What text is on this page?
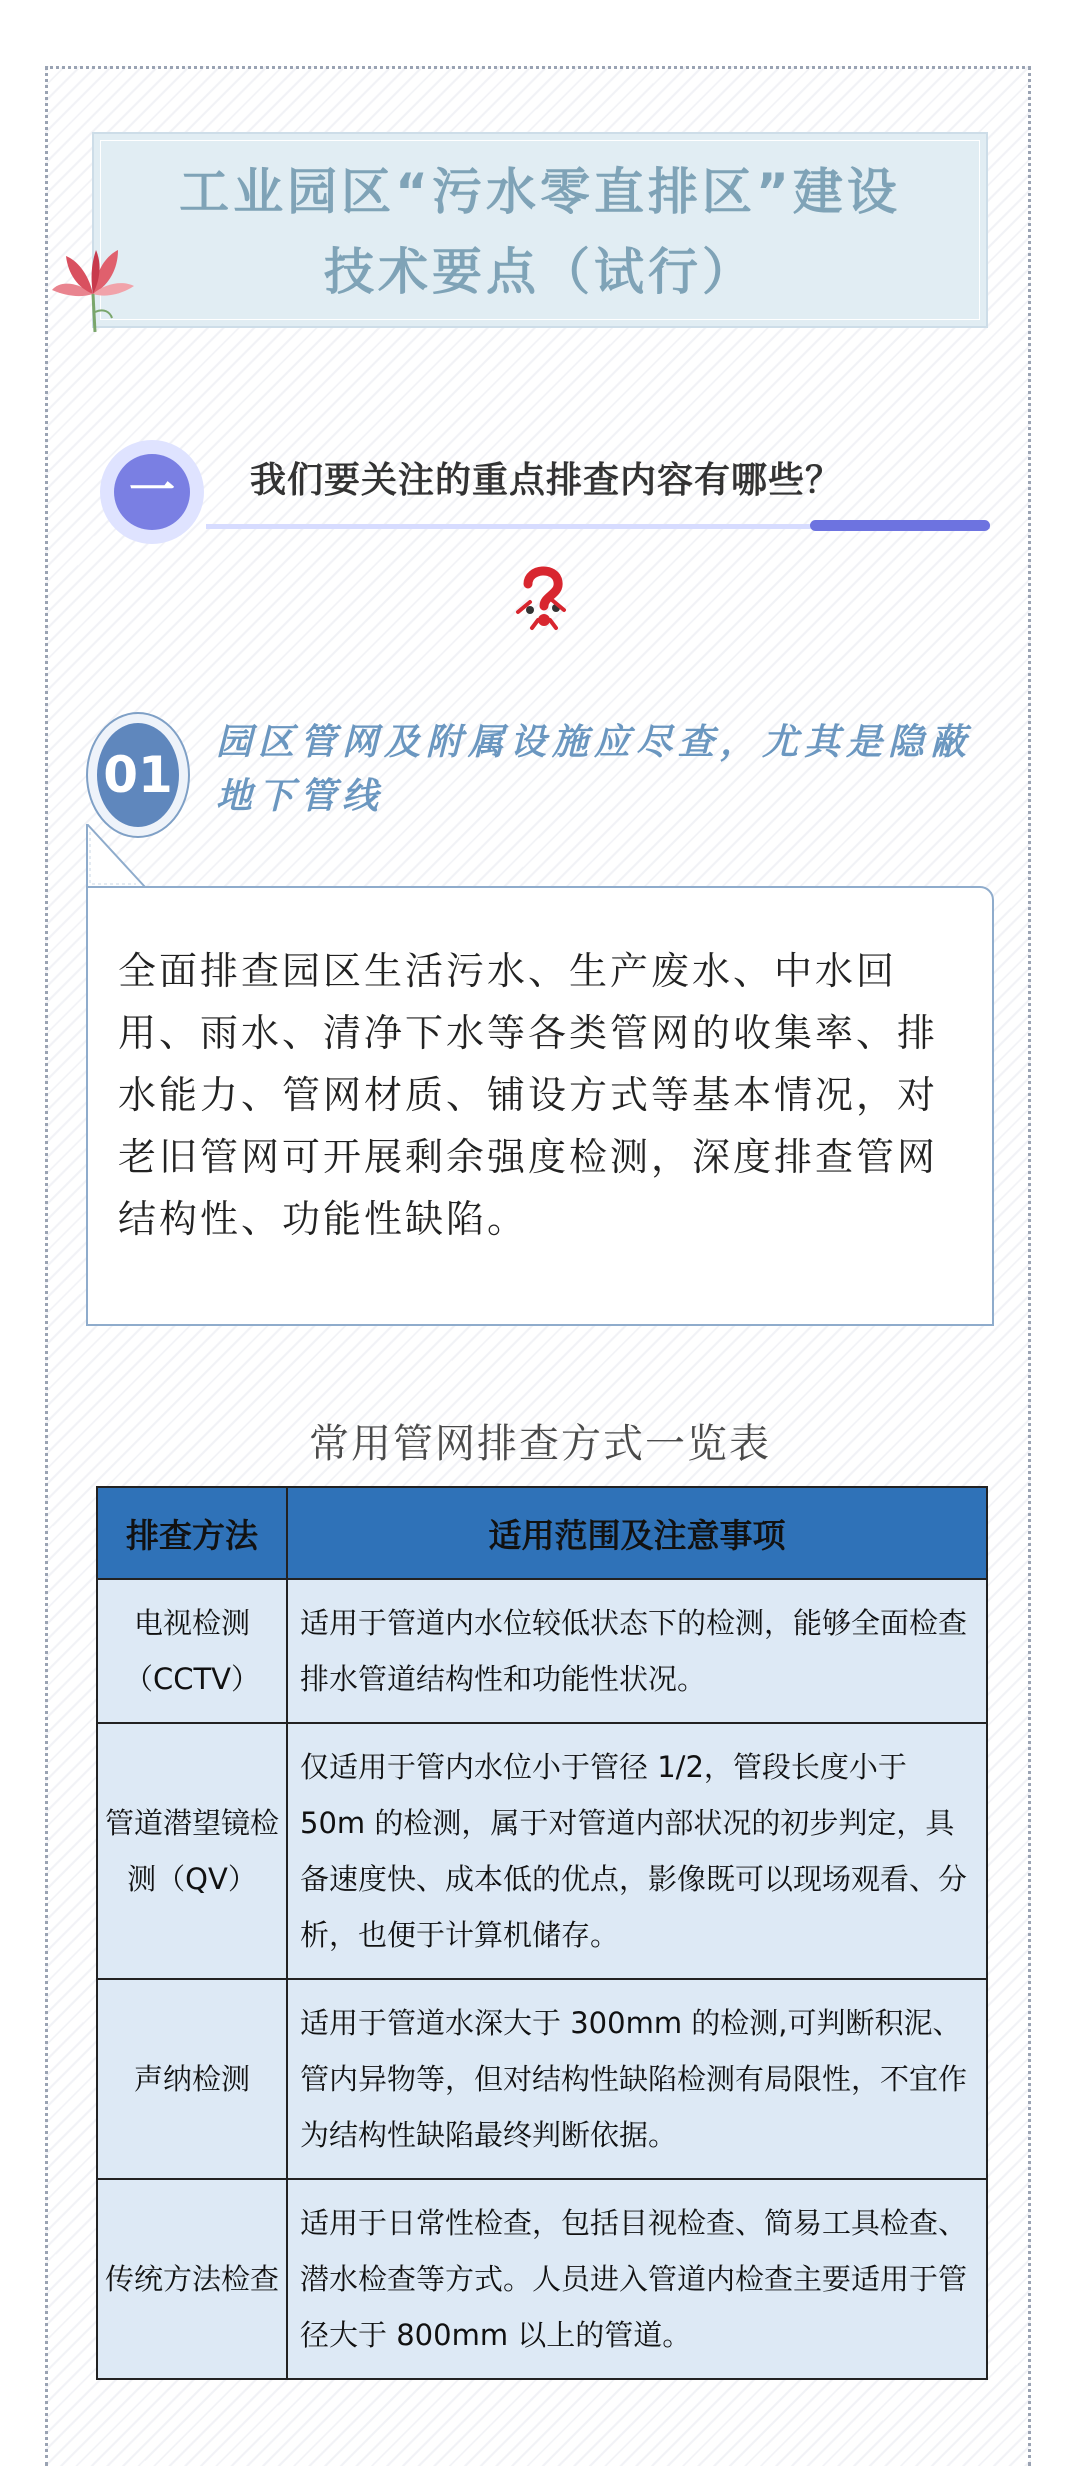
工业园区“污水零直排区”建设
技术要点（试行）
一	我们要关注的重点排查内容有哪些？
01
园区管网及附属设施应尽查，尤其是隐蔽地下管线
全面排查园区生活污水、生产废水、中水回用、雨水、清净下水等各类管网的收集率、排水能力、管网材质、铺设方式等基本情况，对老旧管网可开展剩余强度检测，深度排查管网结构性、功能性缺陷。
常用管网排查方式一览表
排查方法	适用范围及注意事项
电视检测（CCTV）	适用于管道内水位较低状态下的检测，能够全面检查排水管道结构性和功能性状况。
管道潜望镜检测（QV）	仅适用于管内水位小于管径 1/2，管段长度小于 50m 的检测，属于对管道内部状况的初步判定，具备速度快、成本低的优点，影像既可以现场观看、分析，也便于计算机储存。
声纳检测	适用于管道水深大于 300mm 的检测,可判断积泥、管内异物等，但对结构性缺陷检测有局限性，不宜作为结构性缺陷最终判断依据。
传统方法检查	适用于日常性检查，包括目视检查、简易工具检查、潜水检查等方式。人员进入管道内检查主要适用于管径大于 800mm 以上的管道。
